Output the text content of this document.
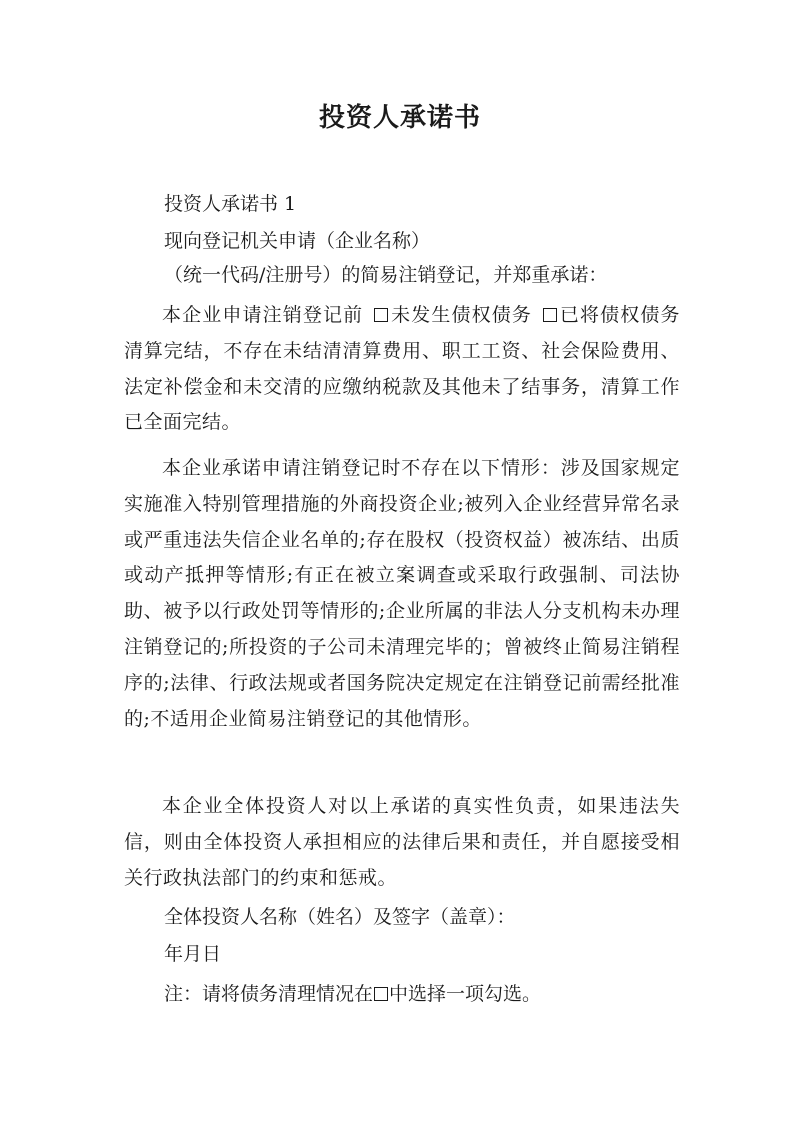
投资人承诺书
投资人承诺书 1
现向登记机关申请（企业名称）
（统一代码/注册号）的简易注销登记，并郑重承诺：
本企业申请注销登记前 未发生债权债务 已将债权债务清算完结，不存在未结清清算费用、职工工资、社会保险费用、法定补偿金和未交清的应缴纳税款及其他未了结事务，清算工作已全面完结。
本企业承诺申请注销登记时不存在以下情形：涉及国家规定实施准入特别管理措施的外商投资企业;被列入企业经营异常名录或严重违法失信企业名单的;存在股权（投资权益）被冻结、出质或动产抵押等情形;有正在被立案调查或采取行政强制、司法协助、被予以行政处罚等情形的;企业所属的非法人分支机构未办理注销登记的;所投资的子公司未清理完毕的；曾被终止简易注销程序的;法律、行政法规或者国务院决定规定在注销登记前需经批准的;不适用企业简易注销登记的其他情形。
本企业全体投资人对以上承诺的真实性负责，如果违法失信，则由全体投资人承担相应的法律后果和责任，并自愿接受相关行政执法部门的约束和惩戒。
全体投资人名称（姓名）及签字（盖章）：
年月日
注：请将债务清理情况在 中选择一项勾选。
